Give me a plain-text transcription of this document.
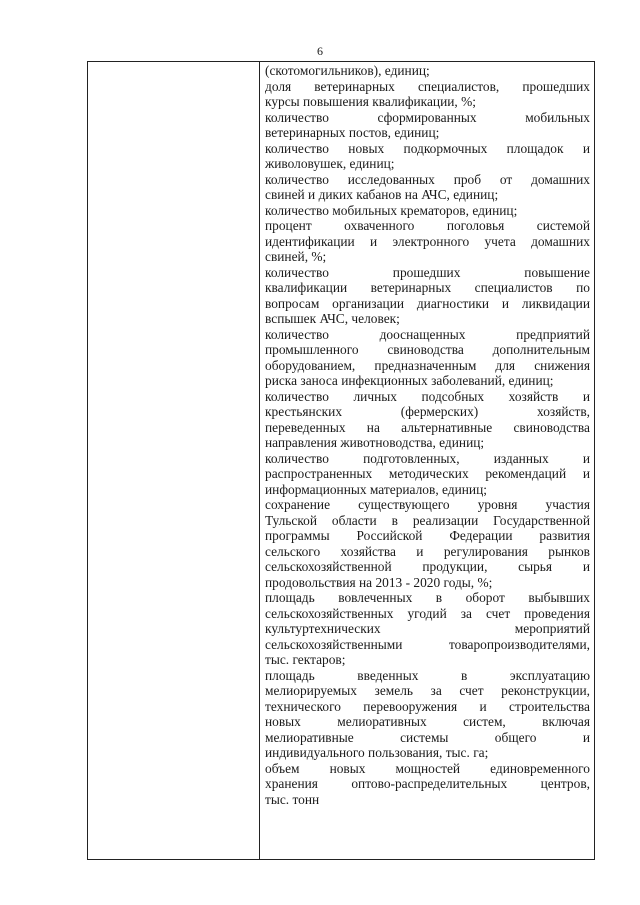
6
(скотомогильников), единиц;
доля ветеринарных специалистов, прошедших
курсы повышения квалификации, %;
количество сформированных мобильных
ветеринарных постов, единиц;
количество новых подкормочных площадок и
живоловушек, единиц;
количество исследованных проб от домашних
свиней и диких кабанов на АЧС, единиц;
количество мобильных крематоров, единиц;
процент охваченного поголовья системой
идентификации и электронного учета домашних
свиней, %;
количество прошедших повышение
квалификации ветеринарных специалистов по
вопросам организации диагностики и ликвидации
вспышек АЧС, человек;
количество дооснащенных предприятий
промышленного свиноводства дополнительным
оборудованием, предназначенным для снижения
риска заноса инфекционных заболеваний, единиц;
количество личных подсобных хозяйств и
крестьянских (фермерских) хозяйств,
переведенных на альтернативные свиноводства
направления животноводства, единиц;
количество подготовленных, изданных и
распространенных методических рекомендаций и
информационных материалов, единиц;
сохранение существующего уровня участия
Тульской области в реализации Государственной
программы Российской Федерации развития
сельского хозяйства и регулирования рынков
сельскохозяйственной продукции, сырья и
продовольствия на 2013 - 2020 годы, %;
площадь вовлеченных в оборот выбывших
сельскохозяйственных угодий за счет проведения
культуртехнических мероприятий
сельскохозяйственными товаропроизводителями,
тыс. гектаров;
площадь введенных в эксплуатацию
мелиорируемых земель за счет реконструкции,
технического перевооружения и строительства
новых мелиоративных систем, включая
мелиоративные системы общего и
индивидуального пользования, тыс. га;
объем новых мощностей единовременного
хранения оптово-распределительных центров,
тыс. тонн
